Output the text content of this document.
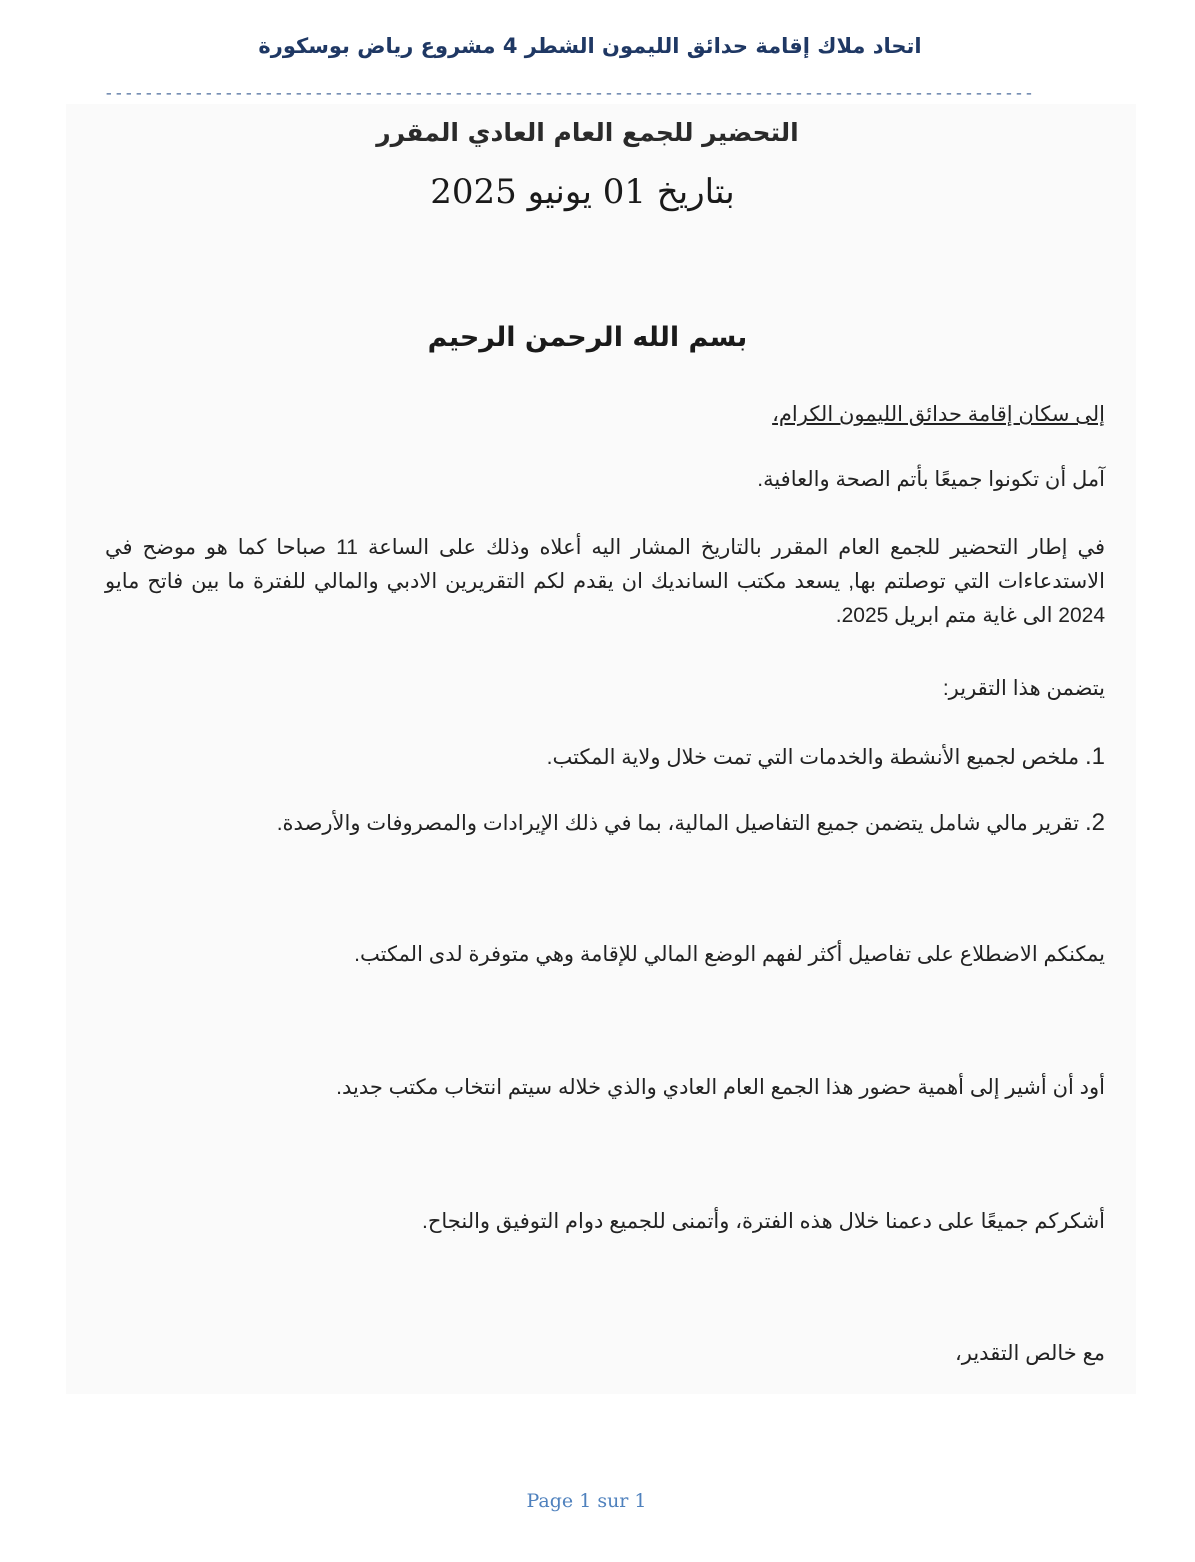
اتحاد ملاك إقامة حدائق الليمون الشطر 4 مشروع رياض بوسكورة
---------------------------------------------------------------------------------------------
التحضير للجمع العام العادي المقرر
بتاريخ 01 يونيو 2025
بسم الله الرحمن الرحيم
إلى سكان إقامة حدائق الليمون الكرام،
آمل أن تكونوا جميعًا بأتم الصحة والعافية.
في إطار التحضير للجمع العام المقرر بالتاريخ المشار اليه أعلاه وذلك على الساعة 11 صباحا كما هو موضح في الاستدعاءات التي توصلتم بها, يسعد مكتب السانديك ان يقدم لكم التقريرين الادبي والمالي للفترة ما بين فاتح مايو 2024 الى غاية متم ابريل 2025.
يتضمن هذا التقرير:
1. ملخص لجميع الأنشطة والخدمات التي تمت خلال ولاية المكتب.
2. تقرير مالي شامل يتضمن جميع التفاصيل المالية، بما في ذلك الإيرادات والمصروفات والأرصدة.
يمكنكم الاضطلاع على تفاصيل أكثر لفهم الوضع المالي للإقامة وهي متوفرة لدى المكتب.
أود أن أشير إلى أهمية حضور هذا الجمع العام العادي والذي خلاله سيتم انتخاب مكتب جديد.
أشكركم جميعًا على دعمنا خلال هذه الفترة، وأتمنى للجميع دوام التوفيق والنجاح.
مع خالص التقدير،
Page 1 sur 1
